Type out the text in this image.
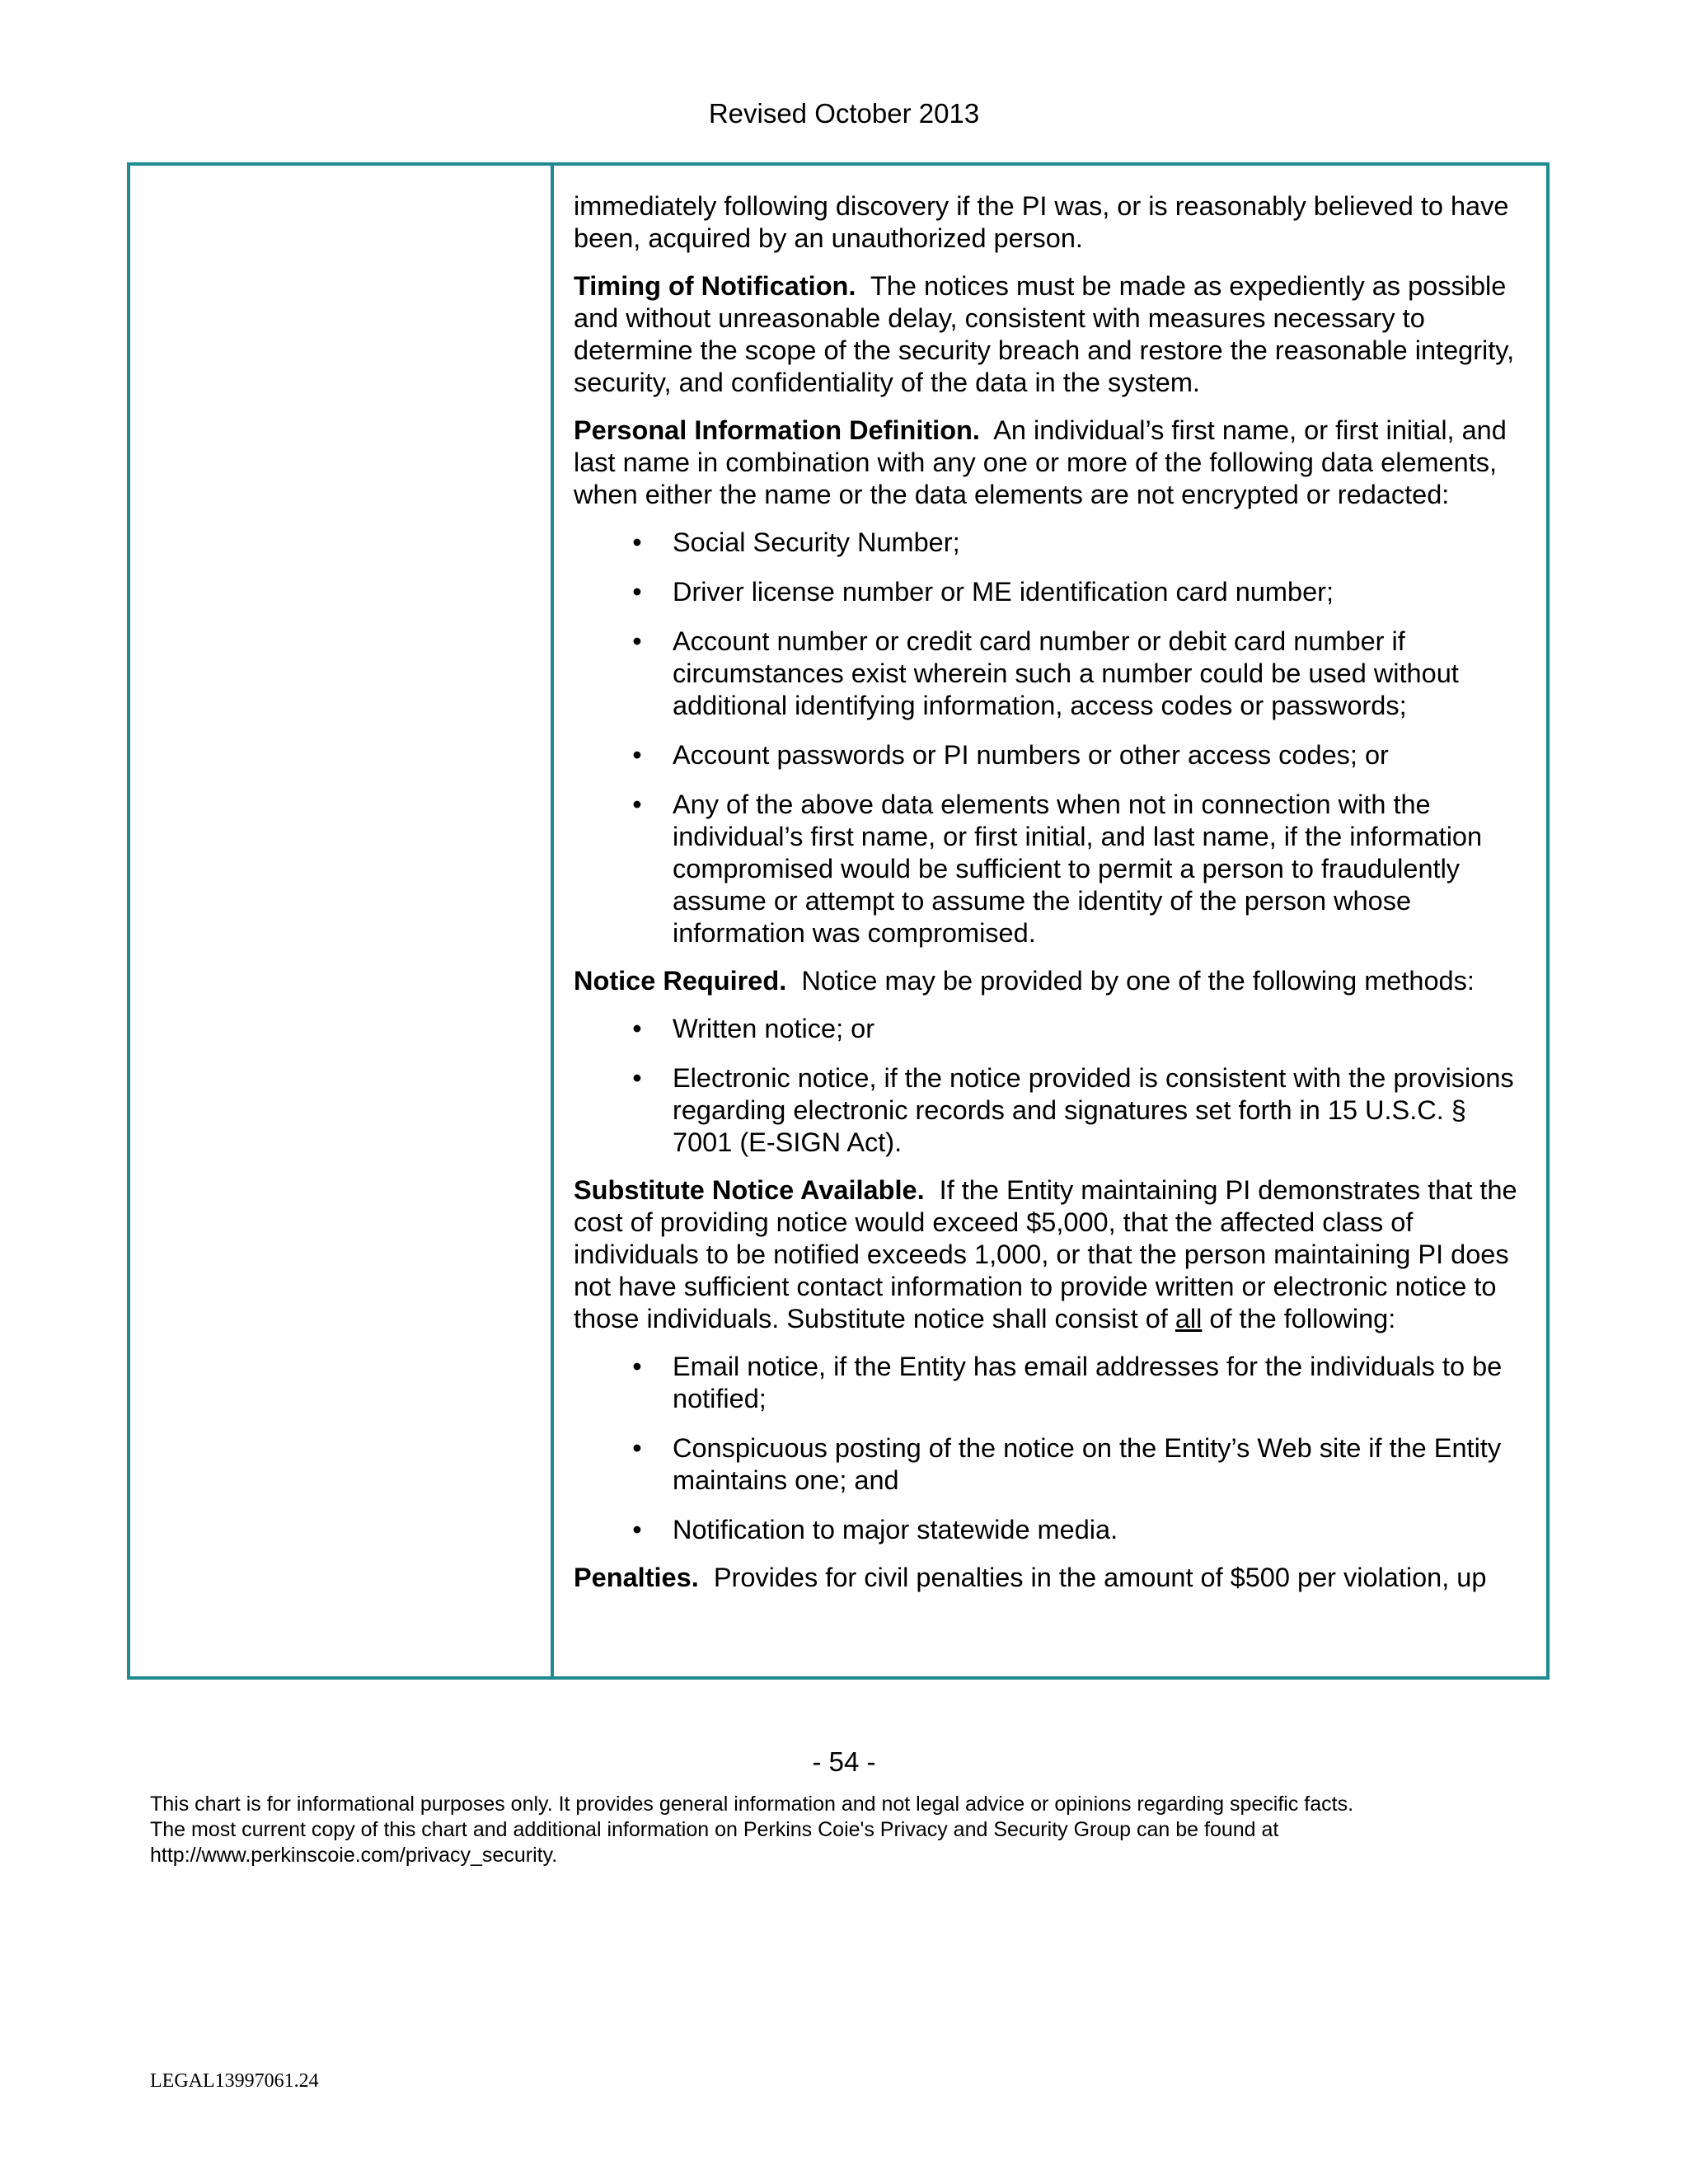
Revised October 2013

immediately following discovery if the PI was, or is reasonably believed to have been, acquired by an unauthorized person.

Timing of Notification. The notices must be made as expediently as possible and without unreasonable delay, consistent with measures necessary to determine the scope of the security breach and restore the reasonable integrity, security, and confidentiality of the data in the system.

Personal Information Definition. An individual’s first name, or first initial, and last name in combination with any one or more of the following data elements, when either the name or the data elements are not encrypted or redacted:

• Social Security Number;
• Driver license number or ME identification card number;
• Account number or credit card number or debit card number if circumstances exist wherein such a number could be used without additional identifying information, access codes or passwords;
• Account passwords or PI numbers or other access codes; or
• Any of the above data elements when not in connection with the individual’s first name, or first initial, and last name, if the information compromised would be sufficient to permit a person to fraudulently assume or attempt to assume the identity of the person whose information was compromised.

Notice Required. Notice may be provided by one of the following methods:

• Written notice; or
• Electronic notice, if the notice provided is consistent with the provisions regarding electronic records and signatures set forth in 15 U.S.C. § 7001 (E-SIGN Act).

Substitute Notice Available. If the Entity maintaining PI demonstrates that the cost of providing notice would exceed $5,000, that the affected class of individuals to be notified exceeds 1,000, or that the person maintaining PI does not have sufficient contact information to provide written or electronic notice to those individuals. Substitute notice shall consist of all of the following:

• Email notice, if the Entity has email addresses for the individuals to be notified;
• Conspicuous posting of the notice on the Entity’s Web site if the Entity maintains one; and
• Notification to major statewide media.

Penalties. Provides for civil penalties in the amount of $500 per violation, up

- 54 -
This chart is for informational purposes only. It provides general information and not legal advice or opinions regarding specific facts.
The most current copy of this chart and additional information on Perkins Coie's Privacy and Security Group can be found at
http://www.perkinscoie.com/privacy_security.
LEGAL13997061.24
